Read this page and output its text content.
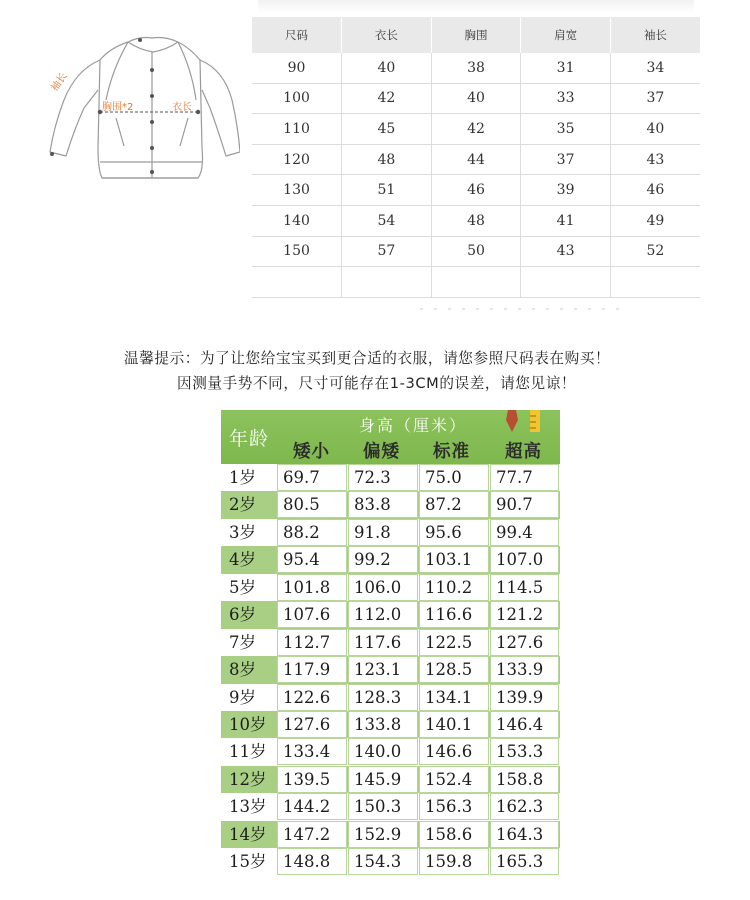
袖长
胸围*2	衣长
尺码	衣长	胸围	肩宽	袖长
90	40	38	31	34
100	42	40	33	37
110	45	42	35	40
120	48	44	37	43
130	51	46	39	46
140	54	48	41	49
150	57	50	43	52

温馨提示：为了让您给宝宝买到更合适的衣服，请您参照尺码表在购买！
因测量手势不同，尺寸可能存在1-3CM的误差，请您见谅！
年龄
身高（厘米）
矮小 偏矮 标准 超高
1岁	69.7	72.3	75.0	77.7
2岁	80.5	83.8	87.2	90.7
3岁	88.2	91.8	95.6	99.4
4岁	95.4	99.2	103.1	107.0
5岁	101.8	106.0	110.2	114.5
6岁	107.6	112.0	116.6	121.2
7岁	112.7	117.6	122.5	127.6
8岁	117.9	123.1	128.5	133.9
9岁	122.6	128.3	134.1	139.9
10岁	127.6	133.8	140.1	146.4
11岁	133.4	140.0	146.6	153.3
12岁	139.5	145.9	152.4	158.8
13岁	144.2	150.3	156.3	162.3
14岁	147.2	152.9	158.6	164.3
15岁	148.8	154.3	159.8	165.3
